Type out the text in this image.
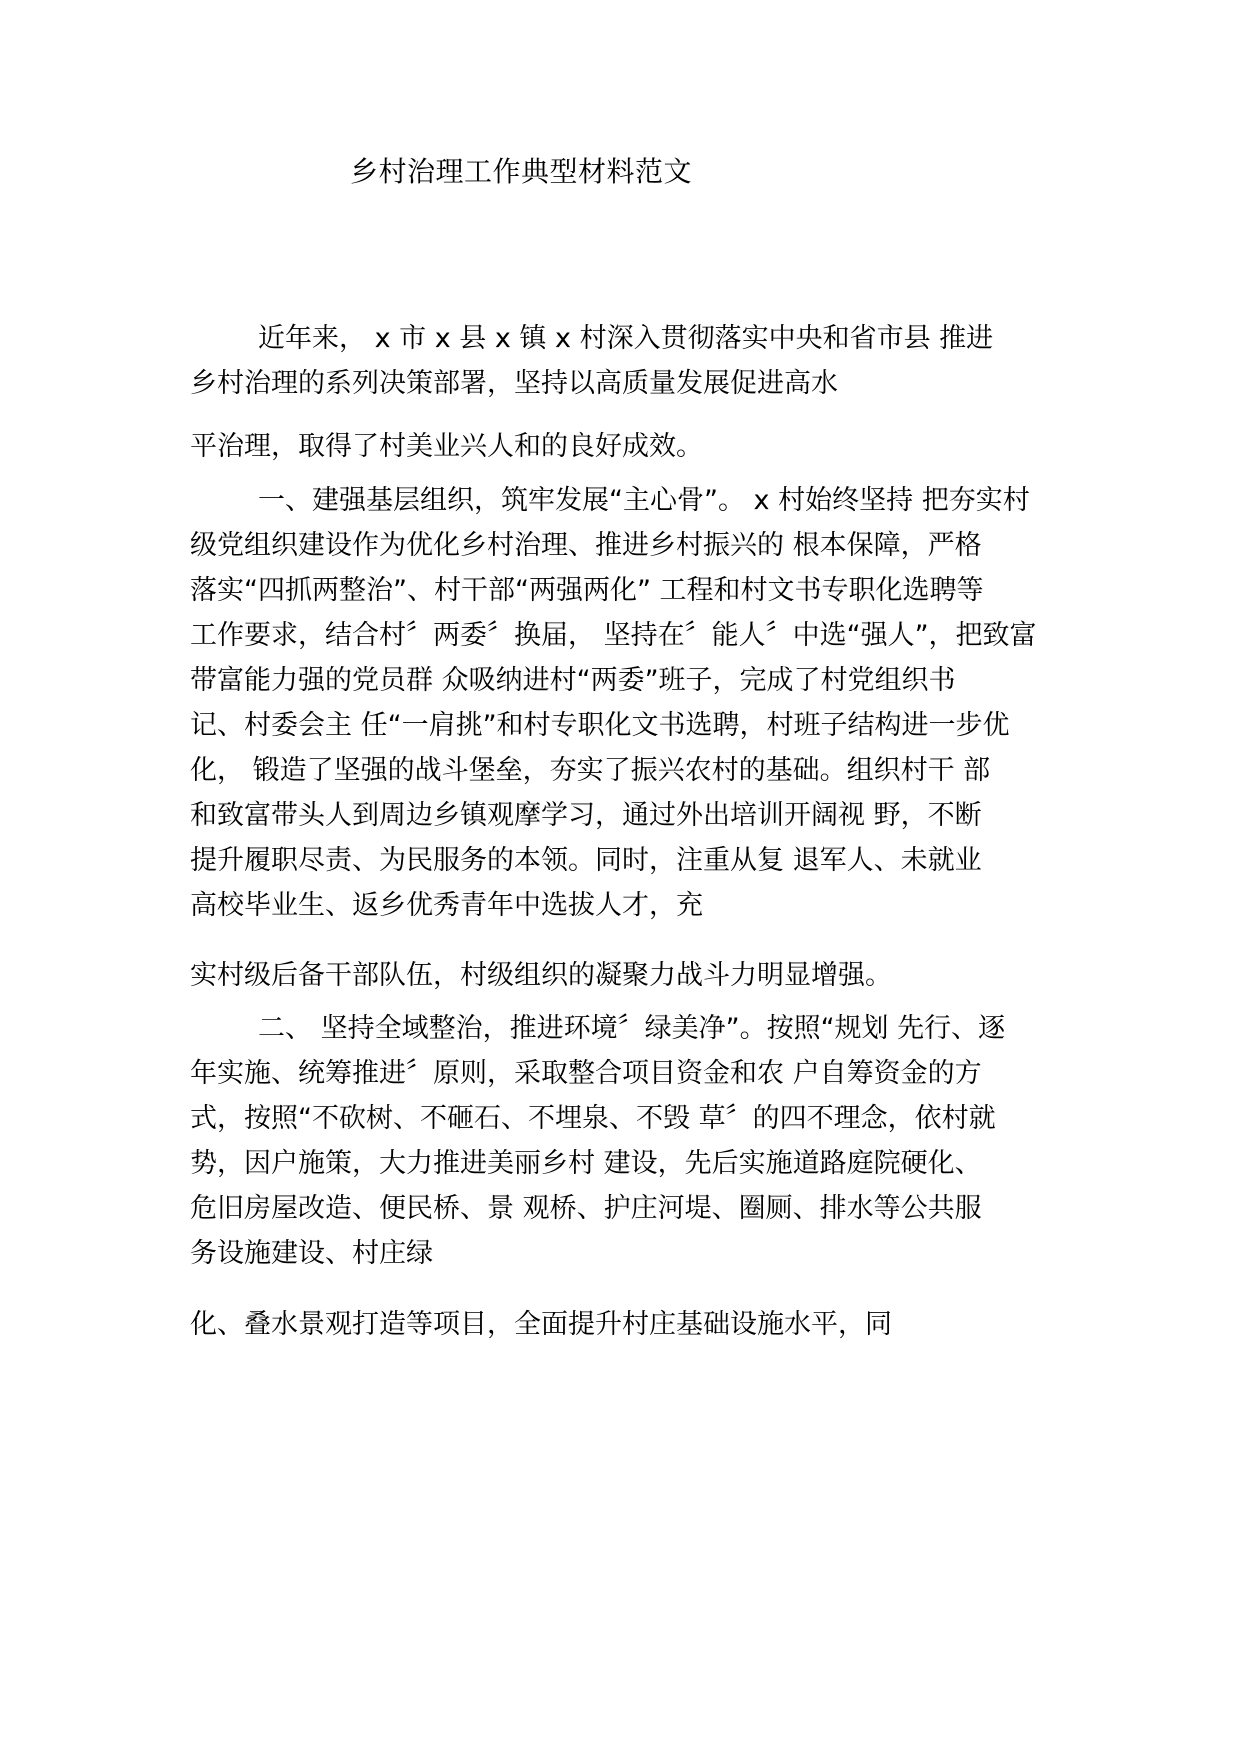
乡村治理工作典型材料范文
近年来， x 市 x 县 x 镇 x 村深入贯彻落实中央和省市县 推进
乡村治理的系列决策部署，坚持以高质量发展促进高水
平治理，取得了村美业兴人和的良好成效。
一、建强基层组织，筑牢发展“主心骨”。 x 村始终坚持 把夯实村
级党组织建设作为优化乡村治理、推进乡村振兴的 根本保障，严格
落实“四抓两整治”、村干部“两强两化” 工程和村文书专职化选聘等
工作要求，结合村〞两委〞换届， 坚持在〞能人〞中选“强人”，把致富
带富能力强的党员群 众吸纳进村“两委”班子，完成了村党组织书
记、村委会主 任“一肩挑”和村专职化文书选聘，村班子结构进一步优
化， 锻造了坚强的战斗堡垒，夯实了振兴农村的基础。组织村干 部
和致富带头人到周边乡镇观摩学习，通过外出培训开阔视 野，不断
提升履职尽责、为民服务的本领。同时，注重从复 退军人、未就业
高校毕业生、返乡优秀青年中选拔人才，充
实村级后备干部队伍，村级组织的凝聚力战斗力明显增强。
二、 坚持全域整治，推进环境〞绿美净”。按照“规划 先行、逐
年实施、统筹推进〞原则，采取整合项目资金和农 户自筹资金的方
式，按照“不砍树、不砸石、不埋泉、不毁 草〞的四不理念，依村就
势，因户施策，大力推进美丽乡村 建设，先后实施道路庭院硬化、
危旧房屋改造、便民桥、景 观桥、护庄河堤、圈厕、排水等公共服
务设施建设、村庄绿
化、叠水景观打造等项目，全面提升村庄基础设施水平，同
